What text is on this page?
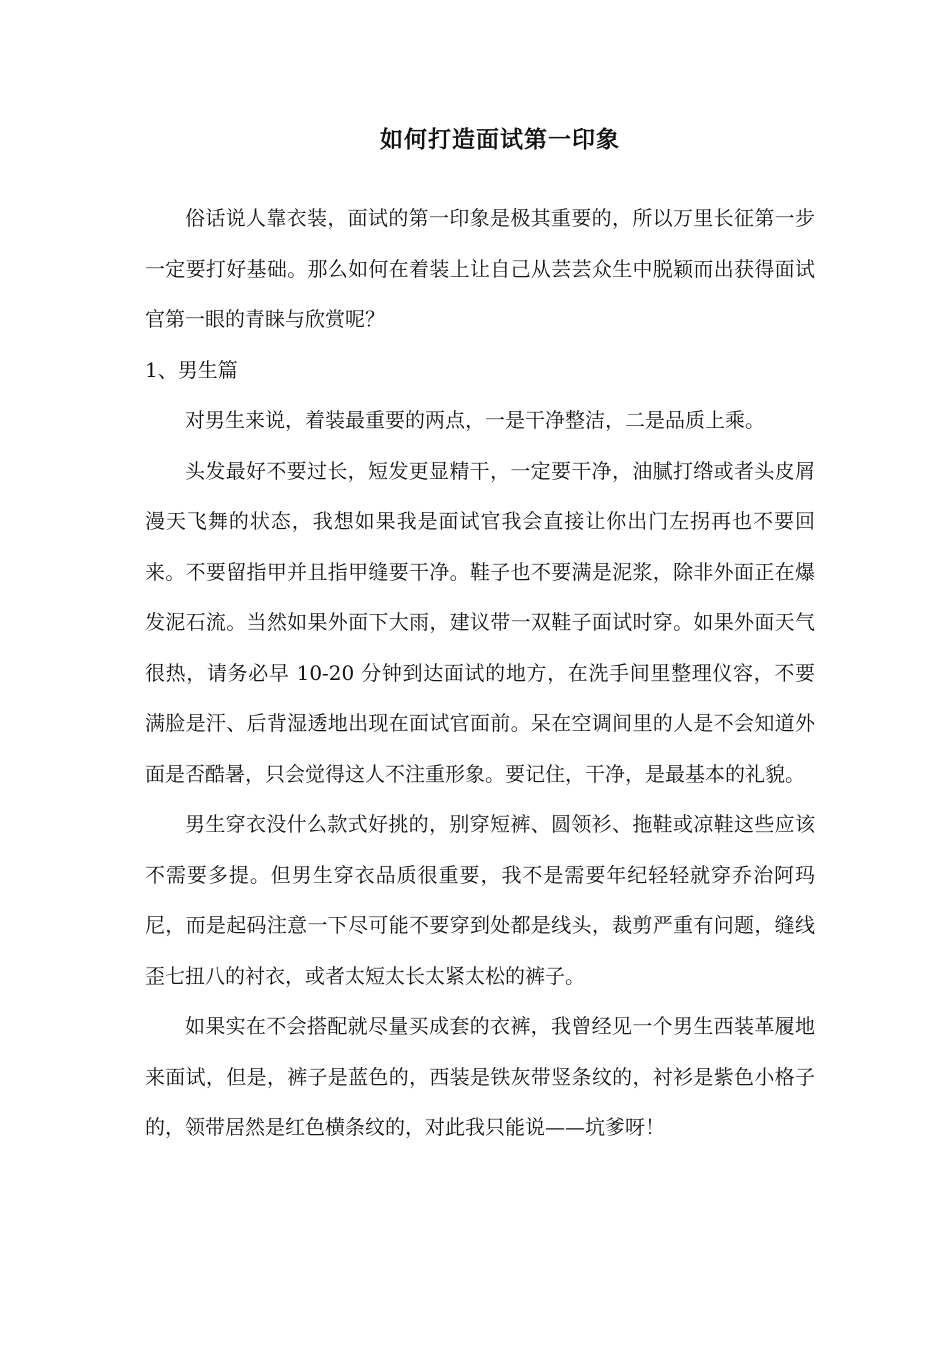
如何打造面试第一印象

俗话说人靠衣装，面试的第一印象是极其重要的，所以万里长征第一步一定要打好基础。那么如何在着装上让自己从芸芸众生中脱颖而出获得面试官第一眼的青睐与欣赏呢？

1、男生篇

对男生来说，着装最重要的两点，一是干净整洁，二是品质上乘。

头发最好不要过长，短发更显精干，一定要干净，油腻打绺或者头皮屑漫天飞舞的状态，我想如果我是面试官我会直接让你出门左拐再也不要回来。不要留指甲并且指甲缝要干净。鞋子也不要满是泥浆，除非外面正在爆发泥石流。当然如果外面下大雨，建议带一双鞋子面试时穿。如果外面天气很热，请务必早 10-20 分钟到达面试的地方，在洗手间里整理仪容，不要满脸是汗、后背湿透地出现在面试官面前。呆在空调间里的人是不会知道外面是否酷暑，只会觉得这人不注重形象。要记住，干净，是最基本的礼貌。

男生穿衣没什么款式好挑的，别穿短裤、圆领衫、拖鞋或凉鞋这些应该不需要多提。但男生穿衣品质很重要，我不是需要年纪轻轻就穿乔治阿玛尼，而是起码注意一下尽可能不要穿到处都是线头，裁剪严重有问题，缝线歪七扭八的衬衣，或者太短太长太紧太松的裤子。

如果实在不会搭配就尽量买成套的衣裤，我曾经见一个男生西装革履地来面试，但是，裤子是蓝色的，西装是铁灰带竖条纹的，衬衫是紫色小格子的，领带居然是红色横条纹的，对此我只能说——坑爹呀！
